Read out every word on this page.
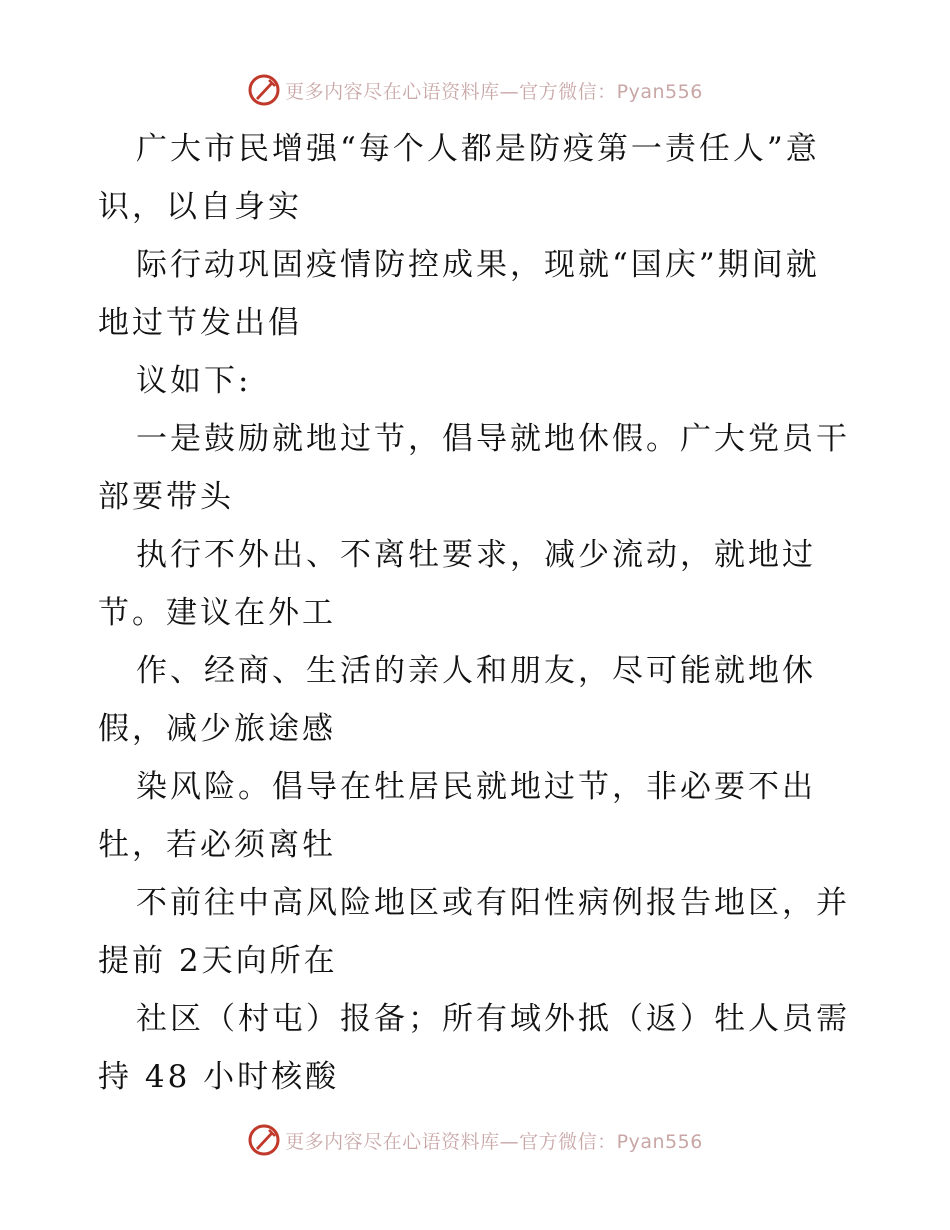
更多内容尽在心语资料库—官方微信：Pyan556

广大市民增强“每个人都是防疫第一责任人”意
识，以自身实

际行动巩固疫情防控成果，现就“国庆”期间就
地过节发出倡

议如下:

一是鼓励就地过节，倡导就地休假。广大党员干
部要带头

执行不外出、不离牡要求，减少流动，就地过
节。建议在外工

作、经商、生活的亲人和朋友，尽可能就地休
假，减少旅途感

染风险。倡导在牡居民就地过节，非必要不出
牡，若必须离牡

不前往中高风险地区或有阳性病例报告地区，并
提前 2天向所在

社区（村屯）报备；所有域外抵（返）牡人员需
持 48 小时核酸

更多内容尽在心语资料库—官方微信：Pyan556
